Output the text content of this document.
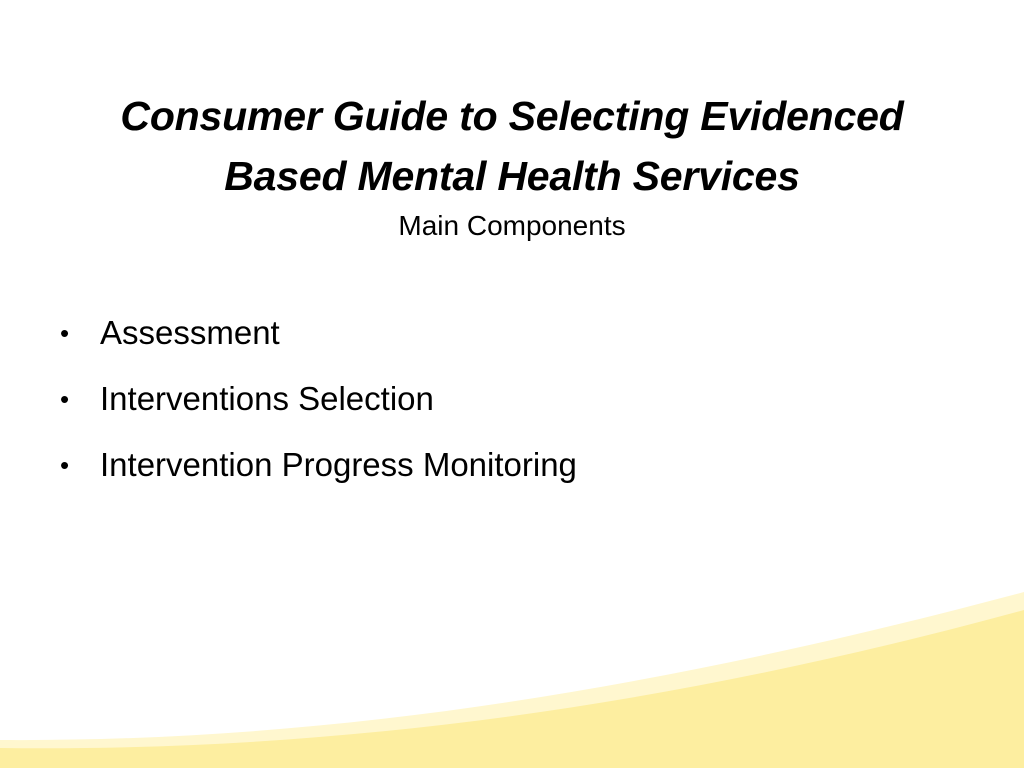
Consumer Guide to Selecting Evidenced
Based Mental Health Services
Main Components
• Assessment
• Interventions Selection
• Intervention Progress Monitoring
